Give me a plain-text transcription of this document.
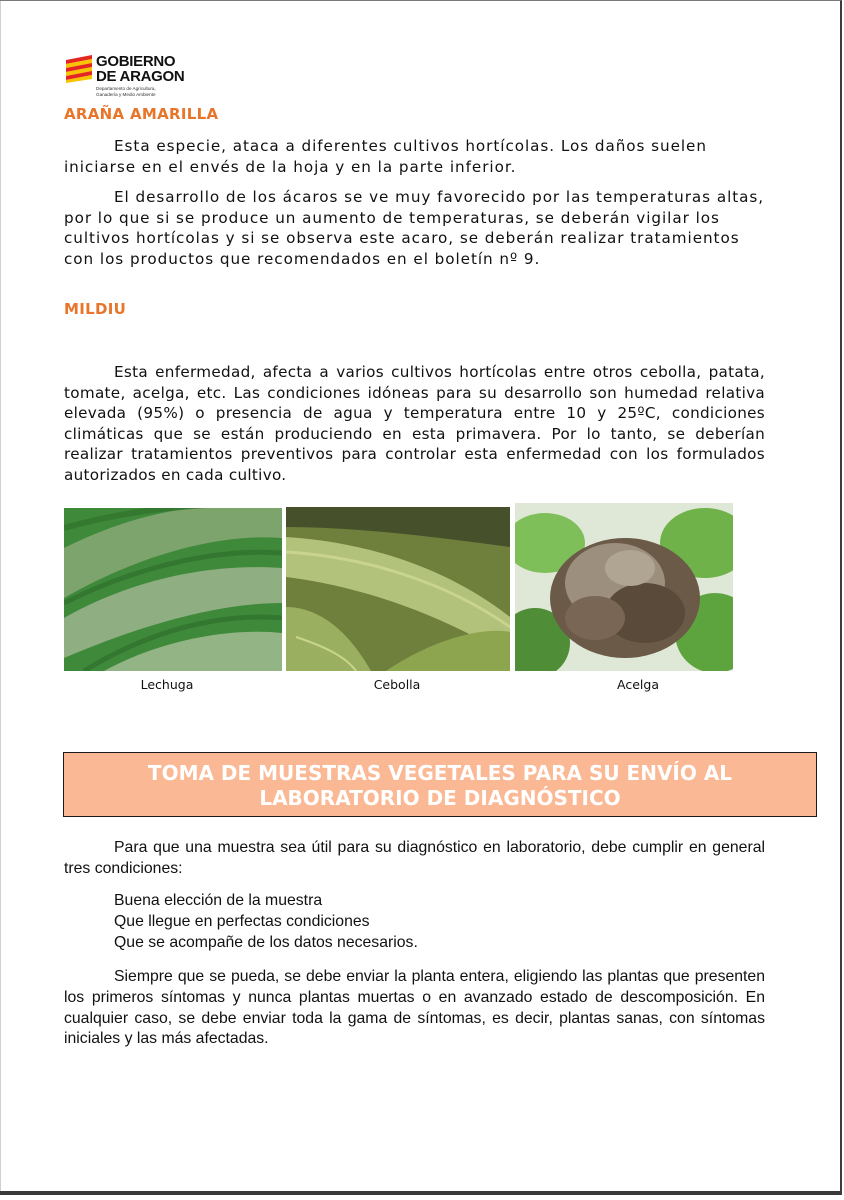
GOBIERNO
DE ARAGON
Departamento de Agricultura,
Ganadería y Medio Ambiente
ARAÑA AMARILLA

Esta especie, ataca a diferentes cultivos hortícolas. Los daños suelen iniciarse en el envés de la hoja y en la parte inferior.

El desarrollo de los ácaros se ve muy favorecido por las temperaturas altas, por lo que si se produce un aumento de temperaturas, se deberán vigilar los cultivos hortícolas y si se observa este acaro, se deberán realizar tratamientos con los productos que recomendados en el boletín nº 9.

MILDIU

Esta enfermedad, afecta a varios cultivos hortícolas entre otros cebolla, patata, tomate, acelga, etc. Las condiciones idóneas para su desarrollo son humedad relativa elevada (95%) o presencia de agua y temperatura entre 10 y 25ºC, condiciones climáticas que se están produciendo en esta primavera. Por lo tanto, se deberían realizar tratamientos preventivos para controlar esta enfermedad con los formulados autorizados en cada cultivo.

Lechuga	Cebolla	Acelga
TOMA DE MUESTRAS VEGETALES PARA SU ENVÍO AL
LABORATORIO DE DIAGNÓSTICO

Para que una muestra sea útil para su diagnóstico en laboratorio, debe cumplir en general tres condiciones:

Buena elección de la muestra
Que llegue en perfectas condiciones
Que se acompañe de los datos necesarios.

Siempre que se pueda, se debe enviar la planta entera, eligiendo las plantas que presenten los primeros síntomas y nunca plantas muertas o en avanzado estado de descomposición. En cualquier caso, se debe enviar toda la gama de síntomas, es decir, plantas sanas, con síntomas iniciales y las más afectadas.
